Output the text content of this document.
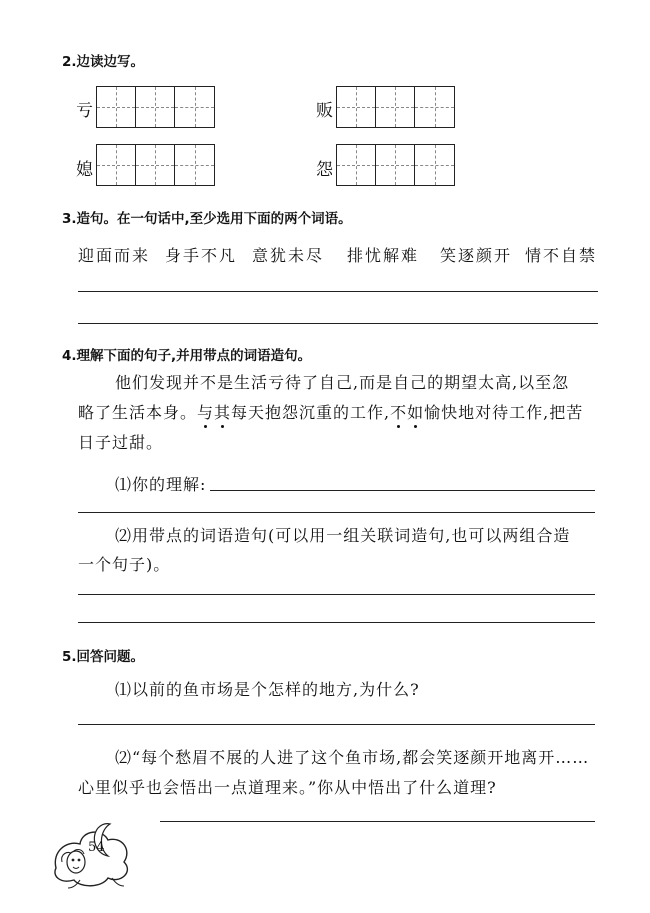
2.边读边写。
亏	贩
媳	怨
3.造句。在一句话中,至少选用下面的两个词语。
迎面而来 身手不凡 意犹未尽 排忧解难 笑逐颜开 情不自禁
4.理解下面的句子,并用带点的词语造句。
他们发现并不是生活亏待了自己,而是自己的期望太高,以至忽
略了生活本身。与其每天抱怨沉重的工作,不如愉快地对待工作,把苦
日子过甜。
⑴你的理解:
⑵用带点的词语造句(可以用一组关联词造句,也可以两组合造
一个句子)。
5.回答问题。
⑴以前的鱼市场是个怎样的地方,为什么?
⑵“每个愁眉不展的人进了这个鱼市场,都会笑逐颜开地离开……
心里似乎也会悟出一点道理来。”你从中悟出了什么道理?
54
